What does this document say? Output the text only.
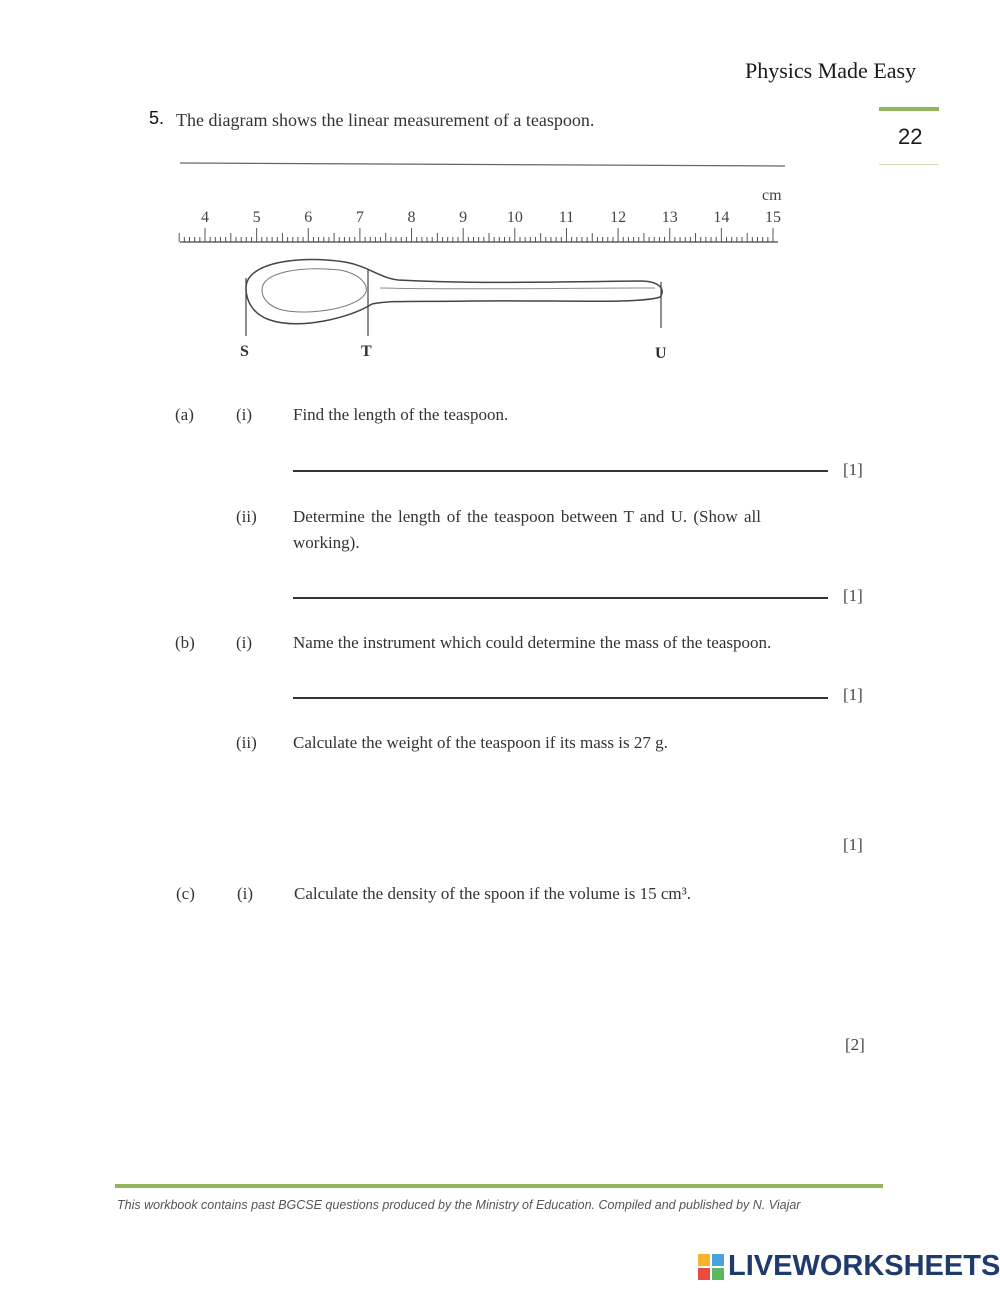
Physics Made Easy
22
5. The diagram shows the linear measurement of a teaspoon.
cm
4	5	6	7	8	9 10 11 12 13 14 15
S	T	U
(a) (i) Find the length of the teaspoon.
[1]
(ii) Determine the length of the teaspoon between T and U. (Show all
working).
[1]
(b) (i) Name the instrument which could determine the mass of the teaspoon.
[1]
(ii) Calculate the weight of the teaspoon if its mass is 27 g.
[1]
(c) (i) Calculate the density of the spoon if the volume is 15 cm³.
[2]
This workbook contains past BGCSE questions produced by the Ministry of Education. Compiled and published by N. Viajar
LIVEWORKSHEETS
